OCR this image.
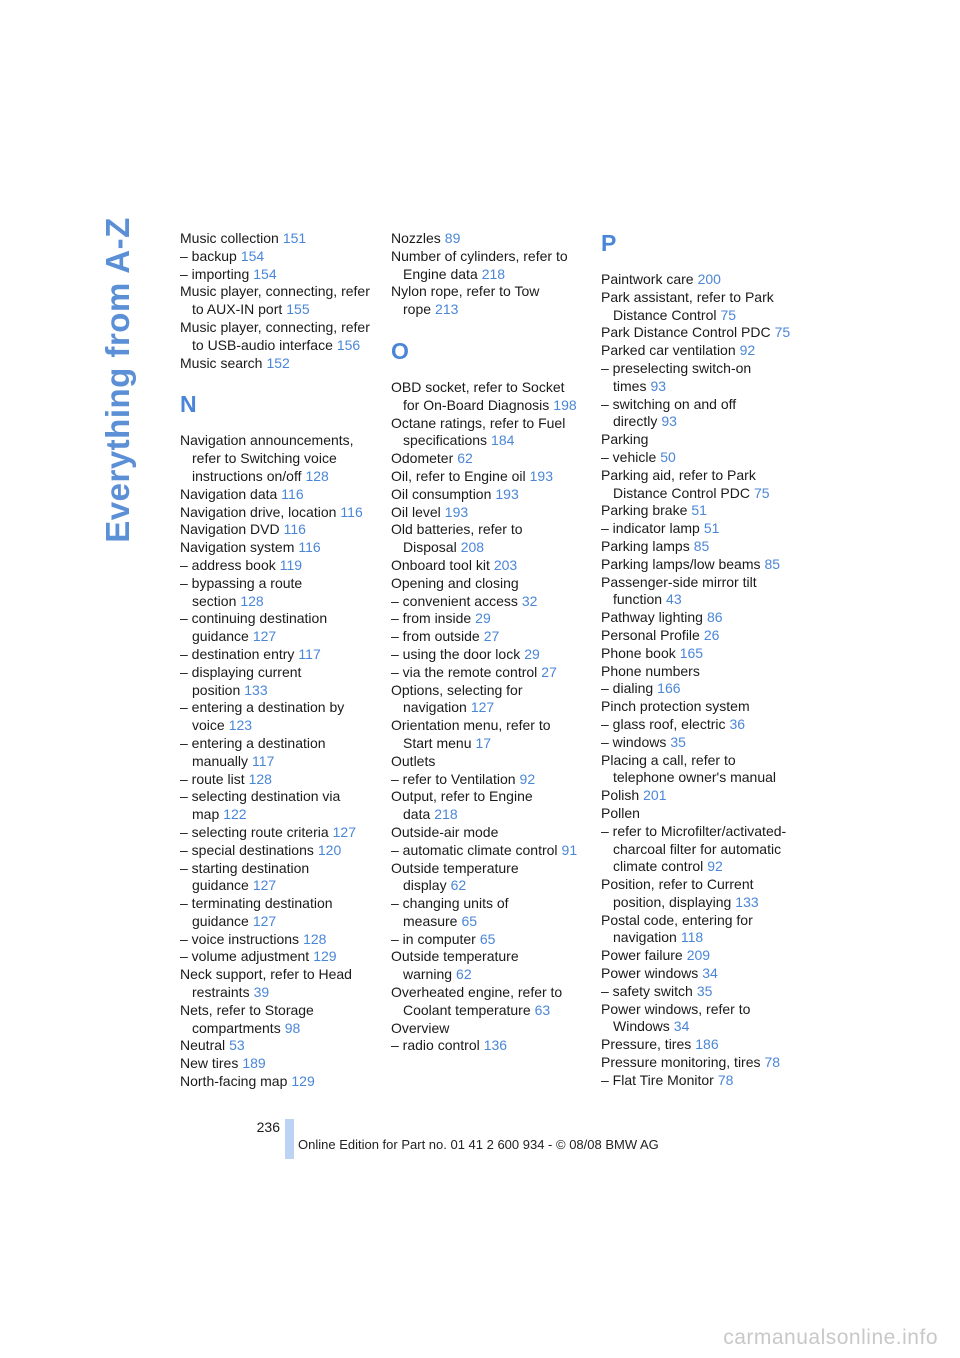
Everything from A-Z	Music collection 151
– backup 154
– importing 154
Music player, connecting, refer to AUX-IN port 155
Music player, connecting, refer to USB-audio interface 156
Music search 152
N
Navigation announcements, refer to Switching voice instructions on/off 128
Navigation data 116
Navigation drive, location 116
Navigation DVD 116
Navigation system 116
– address book 119
– bypassing a route section 128
– continuing destination guidance 127
– destination entry 117
– displaying current position 133
– entering a destination by voice 123
– entering a destination manually 117
– route list 128
– selecting destination via map 122
– selecting route criteria 127
– special destinations 120
– starting destination guidance 127
– terminating destination guidance 127
– voice instructions 128
– volume adjustment 129
Neck support, refer to Head restraints 39
Nets, refer to Storage compartments 98
Neutral 53
New tires 189
North-facing map 129
Nozzles 89
Number of cylinders, refer to Engine data 218
Nylon rope, refer to Tow rope 213
O
OBD socket, refer to Socket for On-Board Diagnosis 198
Octane ratings, refer to Fuel specifications 184
Odometer 62
Oil, refer to Engine oil 193
Oil consumption 193
Oil level 193
Old batteries, refer to Disposal 208
Onboard tool kit 203
Opening and closing
– convenient access 32
– from inside 29
– from outside 27
– using the door lock 29
– via the remote control 27
Options, selecting for navigation 127
Orientation menu, refer to Start menu 17
Outlets
– refer to Ventilation 92
Output, refer to Engine data 218
Outside-air mode
– automatic climate control 91
Outside temperature display 62
– changing units of measure 65
– in computer 65
Outside temperature warning 62
Overheated engine, refer to Coolant temperature 63
Overview
– radio control 136
P
Paintwork care 200
Park assistant, refer to Park Distance Control 75
Park Distance Control PDC 75
Parked car ventilation 92
– preselecting switch-on times 93
– switching on and off directly 93
Parking
– vehicle 50
Parking aid, refer to Park Distance Control PDC 75
Parking brake 51
– indicator lamp 51
Parking lamps 85
Parking lamps/low beams 85
Passenger-side mirror tilt function 43
Pathway lighting 86
Personal Profile 26
Phone book 165
Phone numbers
– dialing 166
Pinch protection system
– glass roof, electric 36
– windows 35
Placing a call, refer to telephone owner's manual
Polish 201
Pollen
– refer to Microfilter/activated-charcoal filter for automatic climate control 92
Position, refer to Current position, displaying 133
Postal code, entering for navigation 118
Power failure 209
Power windows 34
– safety switch 35
Power windows, refer to Windows 34
Pressure, tires 186
Pressure monitoring, tires 78
– Flat Tire Monitor 78
236
Online Edition for Part no. 01 41 2 600 934 - © 08/08 BMW AG
carmanualsonline.info
